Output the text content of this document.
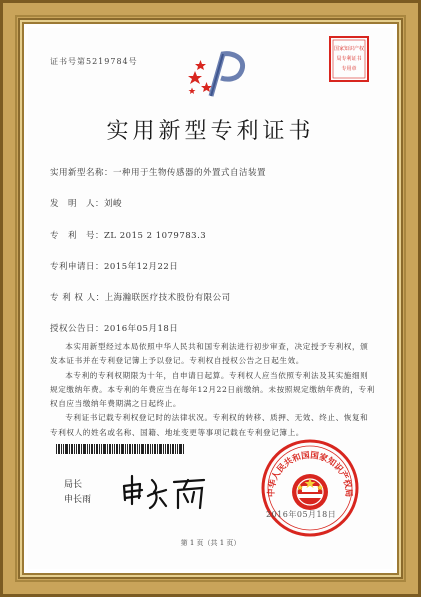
证书号第5219784号
国家知识产权
局专利证书
专用章
实用新型专利证书
实用新型名称：一种用于生物传感器的外置式自洁装置
发　明　人：刘峻
专　利　号：ZL 2015 2 1079783.3
专利申请日：2015年12月22日
专 利 权 人：上海瀚联医疗技术股份有限公司
授权公告日：2016年05月18日

本实用新型经过本局依照中华人民共和国专利法进行初步审查，决定授予专利权，颁发本证书并在专利登记簿上予以登记。专利权自授权公告之日起生效。

本专利的专利权期限为十年，自申请日起算。专利权人应当依照专利法及其实施细则规定缴纳年费。本专利的年费应当在每年12月22日前缴纳。未按照规定缴纳年费的，专利权自应当缴纳年费期满之日起终止。

专利证书记载专利权登记时的法律状况。专利权的转移、质押、无效、终止、恢复和专利权人的姓名或名称、国籍、地址变更等事项记载在专利登记簿上。

局长
申长雨
中华人民共和国国家知识产权局
2016年05月18日
第 1 页（共 1 页）
